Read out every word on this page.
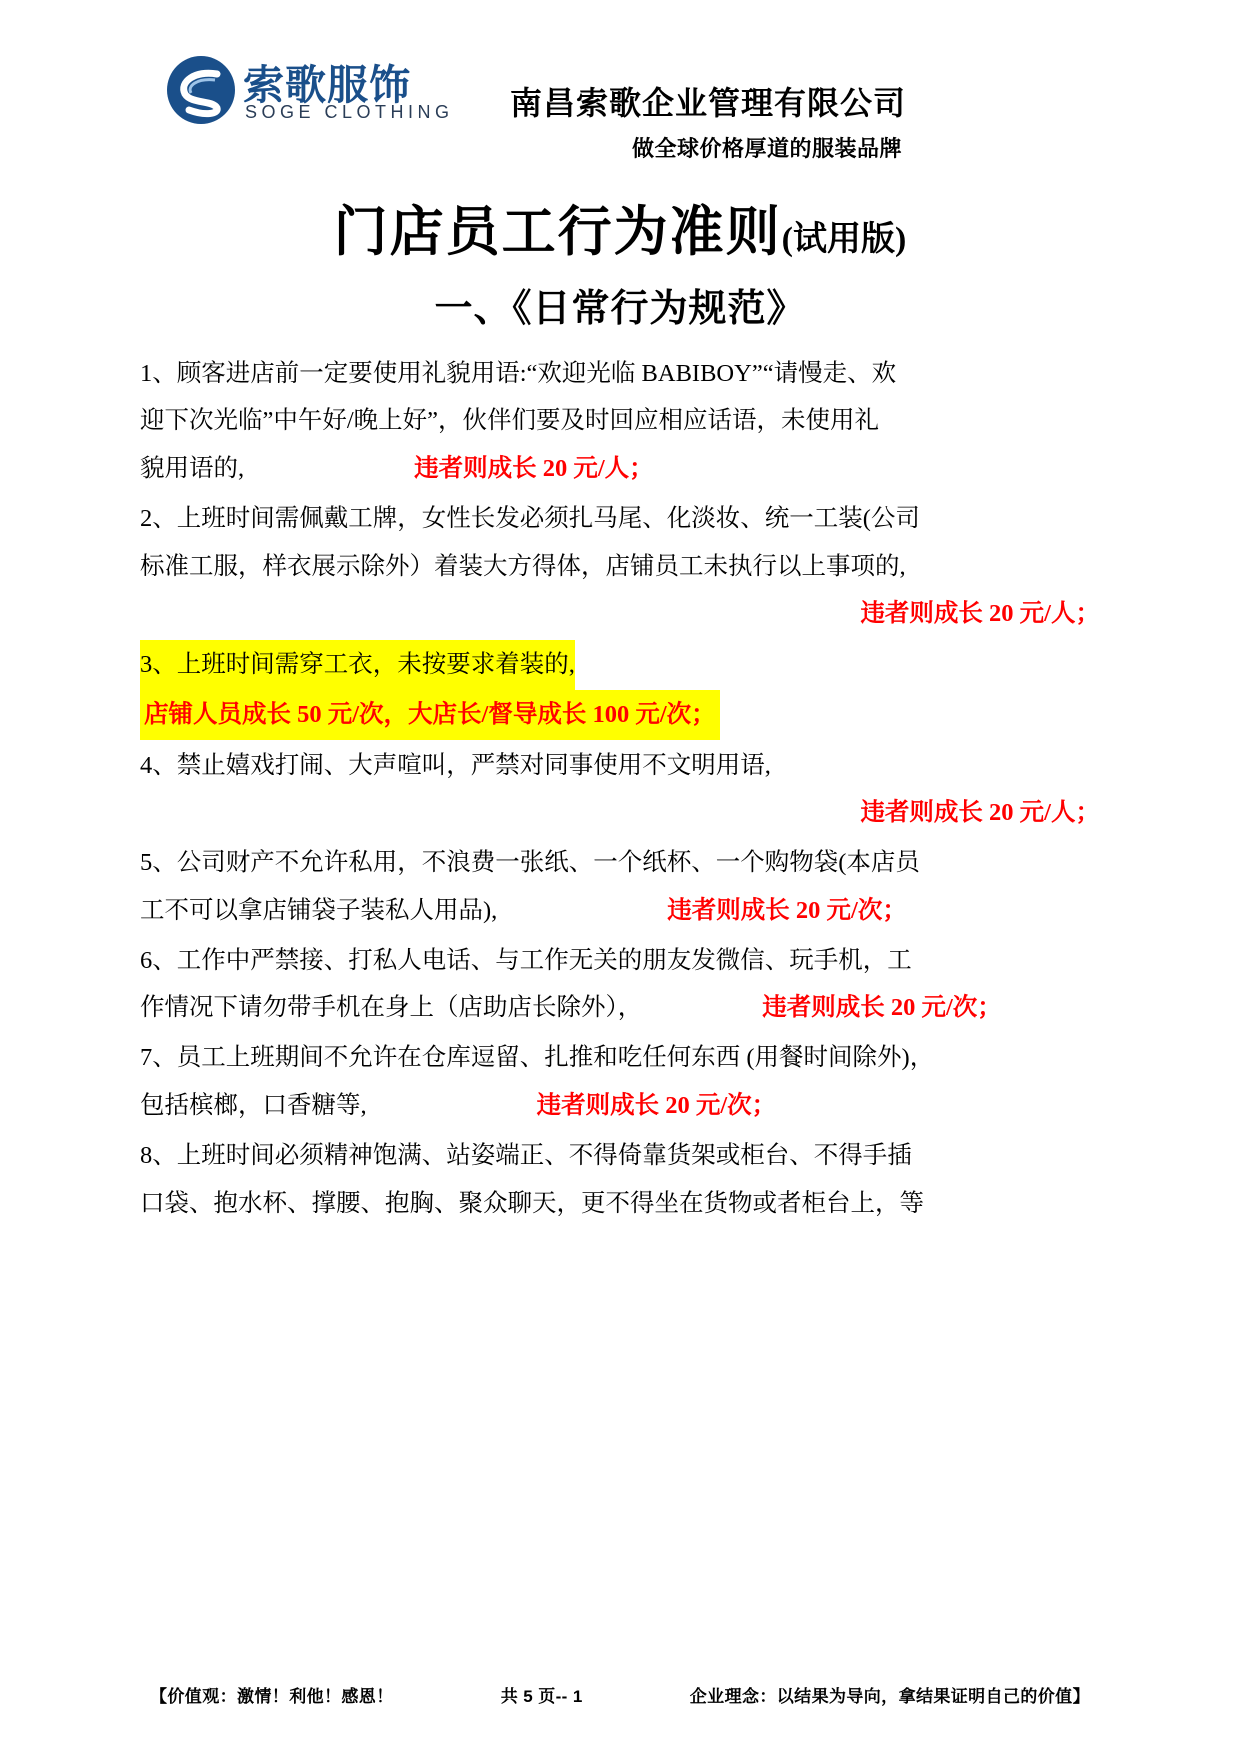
索歌服饰
SOGE CLOTHING 南昌索歌企业管理有限公司
做全球价格厚道的服装品牌
门店员工行为准则(试用版)
一、《日常行为规范》

1、顾客进店前一定要使用礼貌用语:“欢迎光临 BABIBOY”“请慢走、欢

迎下次光临”中午好/晚上好”，伙伴们要及时回应相应话语，未使用礼

貌用语的,	违者则成长 20 元/人；

2、上班时间需佩戴工牌，女性长发必须扎马尾、化淡妆、统一工装(公司

标准工服，样衣展示除外）着装大方得体，店铺员工未执行以上事项的,

违者则成长 20 元/人；

3、上班时间需穿工衣，未按要求着装的,

店铺人员成长 50 元/次，大店长/督导成长 100 元/次；

4、禁止嬉戏打闹、大声喧叫，严禁对同事使用不文明用语,

违者则成长 20 元/人；

5、公司财产不允许私用，不浪费一张纸、一个纸杯、一个购物袋(本店员

工不可以拿店铺袋子装私人用品),	违者则成长 20 元/次；

6、工作中严禁接、打私人电话、与工作无关的朋友发微信、玩手机，工

作情况下请勿带手机在身上（店助店长除外），	违者则成长 20 元/次；

7、员工上班期间不允许在仓库逗留、扎推和吃任何东西 (用餐时间除外)，

包括槟榔，口香糖等,	违者则成长 20 元/次；

8、上班时间必须精神饱满、站姿端正、不得倚靠货架或柜台、不得手插

口袋、抱水杯、撑腰、抱胸、聚众聊天，更不得坐在货物或者柜台上，等

【价值观：激情！利他！感恩！	共 5 页-- 1	企业理念：以结果为导向，拿结果证明自己的价值】
